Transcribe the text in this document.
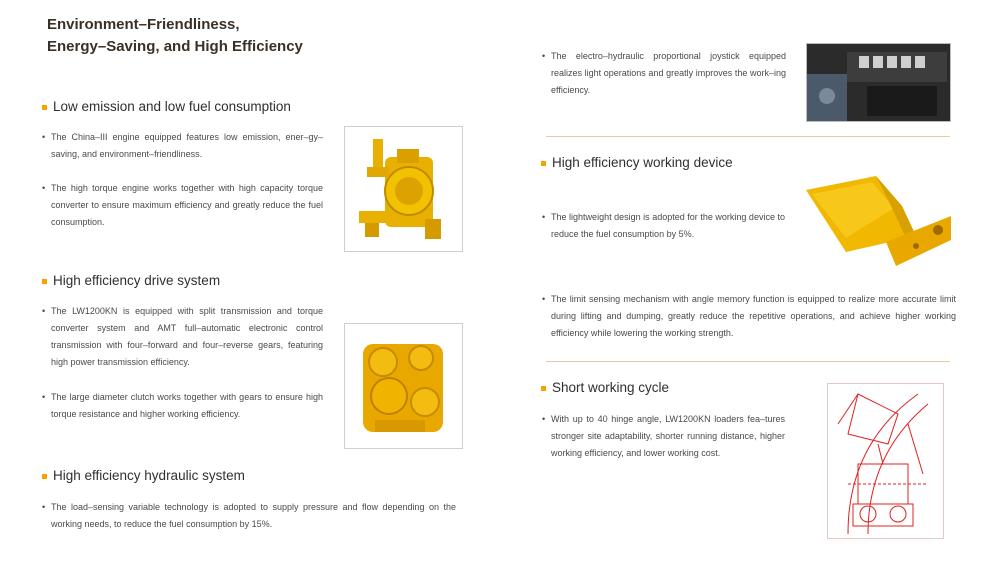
Environment–Friendliness,
Energy–Saving, and High Efficiency
Low emission and low fuel consumption
• The China–III engine equipped features low emission, ener–gy–saving, and environment–friendliness.
• The high torque engine works together with high capacity torque converter to ensure maximum efficiency and greatly reduce the fuel consumption.
High efficiency drive system
• The LW1200KN is equipped with split transmission and torque converter system and AMT full–automatic electronic control transmission with four–forward and four–reverse gears, featuring high power transmission efficiency.
• The large diameter clutch works together with gears to ensure high torque resistance and higher working efficiency.
High efficiency hydraulic system
• The load–sensing variable technology is adopted to supply pressure and flow depending on the working needs, to reduce the fuel consumption by 15%.
• The electro–hydraulic proportional joystick equipped realizes light operations and greatly improves the work–ing efficiency.
High efficiency working device
• The lightweight design is adopted for the working device to reduce the fuel consumption by 5%.
• The limit sensing mechanism with angle memory function is equipped to realize more accurate limit during lifting and dumping, greatly reduce the repetitive operations, and achieve higher working efficiency while lowering the working strength.
Short working cycle
• With up to 40 hinge angle, LW1200KN loaders fea–tures stronger site adaptability, shorter running distance, higher working efficiency, and lower working cost.
